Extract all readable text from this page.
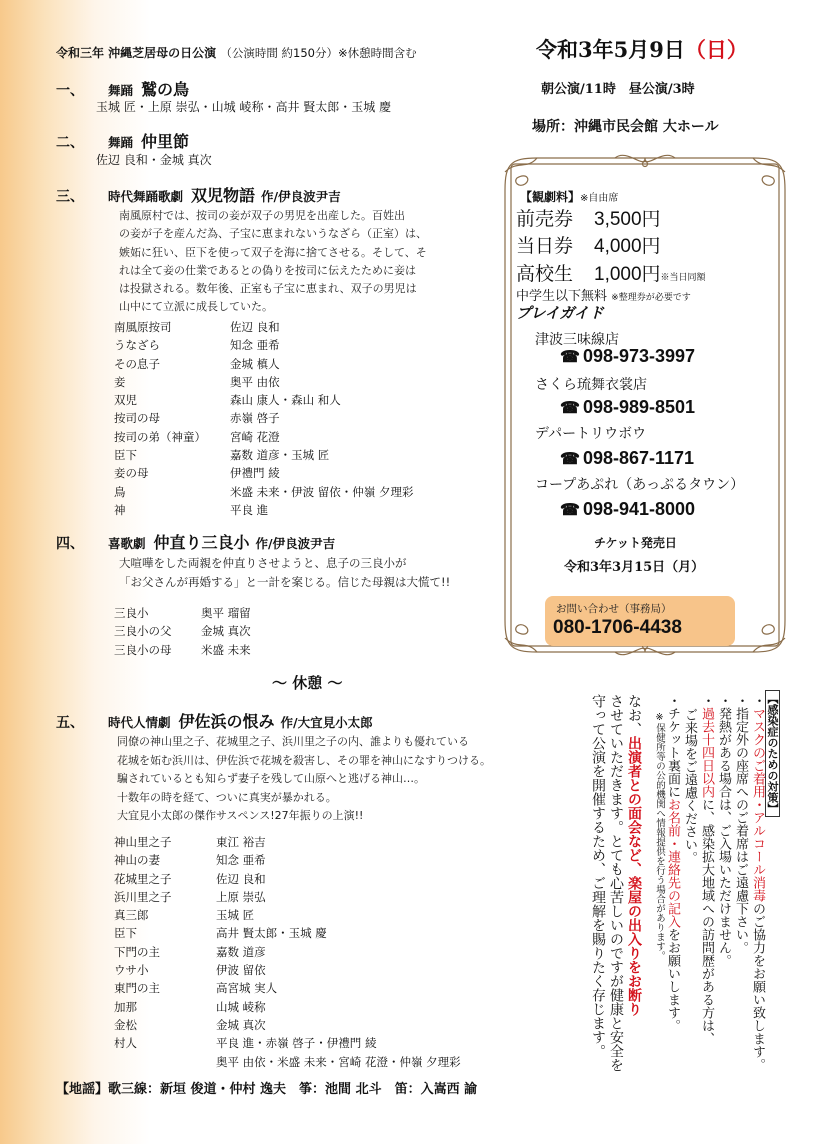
令和三年 沖縄芝居母の日公演 （公演時間 約150分）※休憩時間含む	令和3年5月9日（日）
朝公演/11時　昼公演/3時
場所：沖縄市民会館 大ホール
一、 舞踊 鷲の鳥
玉城 匠・上原 崇弘・山城 崚称・高井 賢太郎・玉城 慶
二、 舞踊 仲里節
佐辺 良和・金城 真次
三、 時代舞踊歌劇 双児物語 作/伊良波尹吉
南風原村では、按司の妾が双子の男児を出産した。百姓出
の妾が子を産んだ為、子宝に恵まれないうなざら（正室）は、
嫉妬に狂い、臣下を使って双子を海に捨てさせる。そして、そ
れは全て妾の仕業であるとの偽りを按司に伝えたために妾は
は投獄される。数年後、正室も子宝に恵まれ、双子の男児は
山中にて立派に成長していた。
南風原按司	佐辺 良和
うなざら	知念 亜希
その息子	金城 槙人
妾	奥平 由依
双児	森山 康人・森山 和人
按司の母	赤嶺 啓子
按司の弟（神童）	宮崎 花澄
臣下	嘉数 道彦・玉城 匠
妾の母	伊禮門 綾
鳥	米盛 未来・伊波 留依・仲嶺 夕理彩
神	平良 進
四、 喜歌劇 仲直り三良小 作/伊良波尹吉
大喧嘩をした両親を仲直りさせようと、息子の三良小が
「お父さんが再婚する」と一計を案じる。信じた母親は大慌て!!
三良小	奥平 瑠留
三良小の父	金城 真次
三良小の母	米盛 未来
〜 休憩 〜
五、 時代人情劇 伊佐浜の恨み 作/大宜見小太郎
同僚の神山里之子、花城里之子、浜川里之子の内、誰よりも優れている
花城を妬む浜川は、伊佐浜で花城を殺害し、その罪を神山になすりつける。
騙されているとも知らず妻子を残して山原へと逃げる神山…。
十数年の時を経て、ついに真実が暴かれる。
大宜見小太郎の傑作サスペンス!27年振りの上演!!
神山里之子	東江 裕吉
神山の妻	知念 亜希
花城里之子	佐辺 良和
浜川里之子	上原 崇弘
真三郎	玉城 匠
臣下	高井 賢太郎・玉城 慶
下門の主	嘉数 道彦
ウサ小	伊波 留依
東門の主	高宮城 実人
加那	山城 崚称
金松	金城 真次
村人	平良 進・赤嶺 啓子・伊禮門 綾
奥平 由依・米盛 未来・宮崎 花澄・仲嶺 夕理彩
【地謡】歌三線：新垣 俊道・仲村 逸夫　筝：池間 北斗　笛：入嵩西 諭
【観劇料】※自由席
前売券 3,500円
当日券 4,000円
高校生 1,000円※当日同額
中学生以下無料 ※整理券が必要です
プレイガイド
津波三味線店
☎ 098-973-3997
さくら琉舞衣裳店
☎ 098-989-8501
デパートリウボウ
☎ 098-867-1171
コープあぷれ（あっぷるタウン）
☎ 098-941-8000
チケット発売日
令和3年3月15日（月）
お問い合わせ（事務局）
080-1706-4438
【感染症のための対策】
・マスクのご着用・アルコール消毒のご協力をお願い致します。
・指定外の座席へのご着席はご遠慮下さい。
・発熱がある場合は、ご入場いただけません。
・過去十四日以内に、感染拡大地域への訪問歴がある方は、
ご来場をご遠慮ください。
・チケット裏面にお名前・連絡先の記入をお願いします。
※保健所等の公的機関へ情報提供を行う場合があります。
なお、出演者との面会など、楽屋の出入りをお断り
させていただきます。とても心苦しいのですが健康と安全を
守って公演を開催するため、ご理解を賜りたく存じます。
